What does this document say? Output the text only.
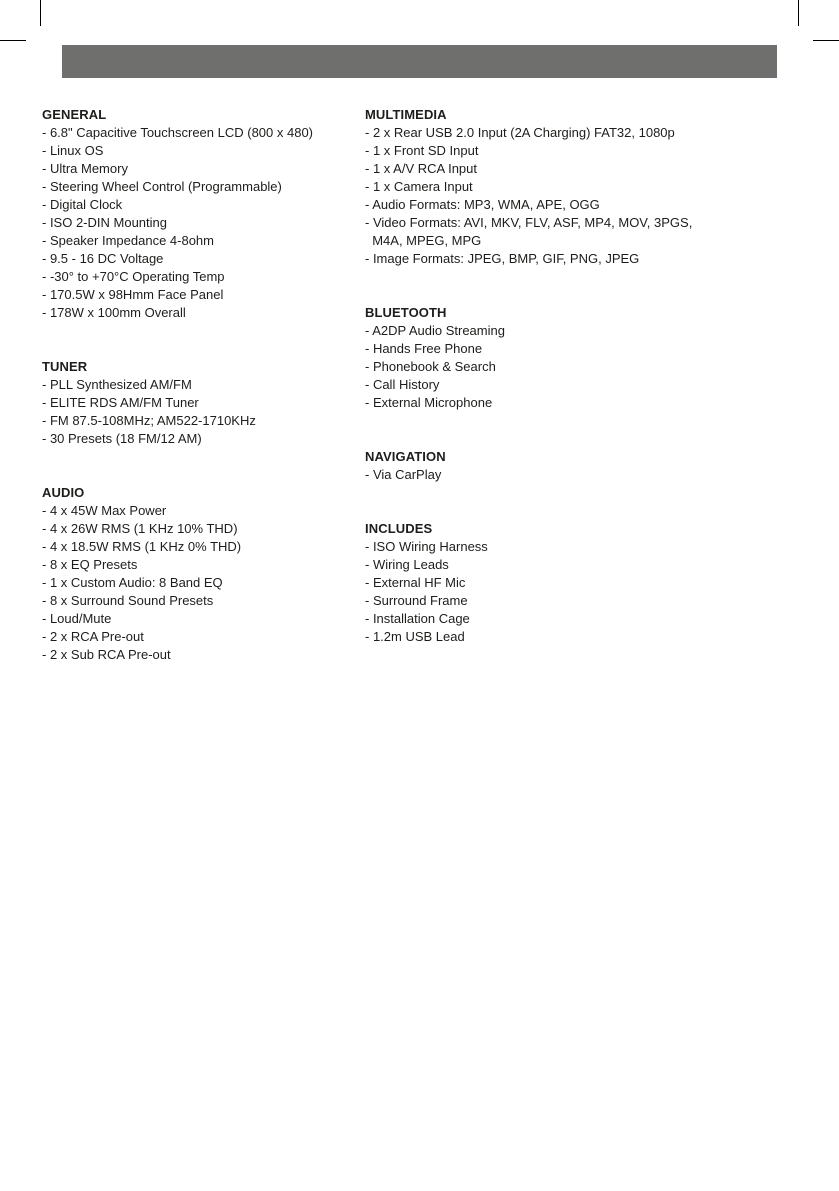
GENERAL

- 6.8" Capacitive Touchscreen LCD (800 x 480)

- Linux OS

- Ultra Memory

- Steering Wheel Control (Programmable)

- Digital Clock

- ISO 2-DIN Mounting

- Speaker Impedance 4-8ohm

- 9.5 - 16 DC Voltage

- -30° to +70°C Operating Temp

- 170.5W x 98Hmm Face Panel

- 178W x 100mm Overall

TUNER

- PLL Synthesized AM/FM

- ELITE RDS AM/FM Tuner

- FM 87.5-108MHz; AM522-1710KHz

- 30 Presets (18 FM/12 AM)

AUDIO

- 4 x 45W Max Power

- 4 x 26W RMS (1 KHz 10% THD)

- 4 x 18.5W RMS (1 KHz 0% THD)

- 8 x EQ Presets

- 1 x Custom Audio: 8 Band EQ

- 8 x Surround Sound Presets

- Loud/Mute

- 2 x RCA Pre-out

- 2 x Sub RCA Pre-out

MULTIMEDIA

- 2 x Rear USB 2.0 Input (2A Charging) FAT32, 1080p

- 1 x Front SD Input

- 1 x A/V RCA Input

- 1 x Camera Input

- Audio Formats: MP3, WMA, APE, OGG

- Video Formats: AVI, MKV, FLV, ASF, MP4, MOV, 3PGS,

M4A, MPEG, MPG

- Image Formats: JPEG, BMP, GIF, PNG, JPEG

BLUETOOTH

- A2DP Audio Streaming

- Hands Free Phone

- Phonebook & Search

- Call History

- External Microphone

NAVIGATION

- Via CarPlay

INCLUDES

- ISO Wiring Harness

- Wiring Leads

- External HF Mic

- Surround Frame

- Installation Cage

- 1.2m USB Lead
